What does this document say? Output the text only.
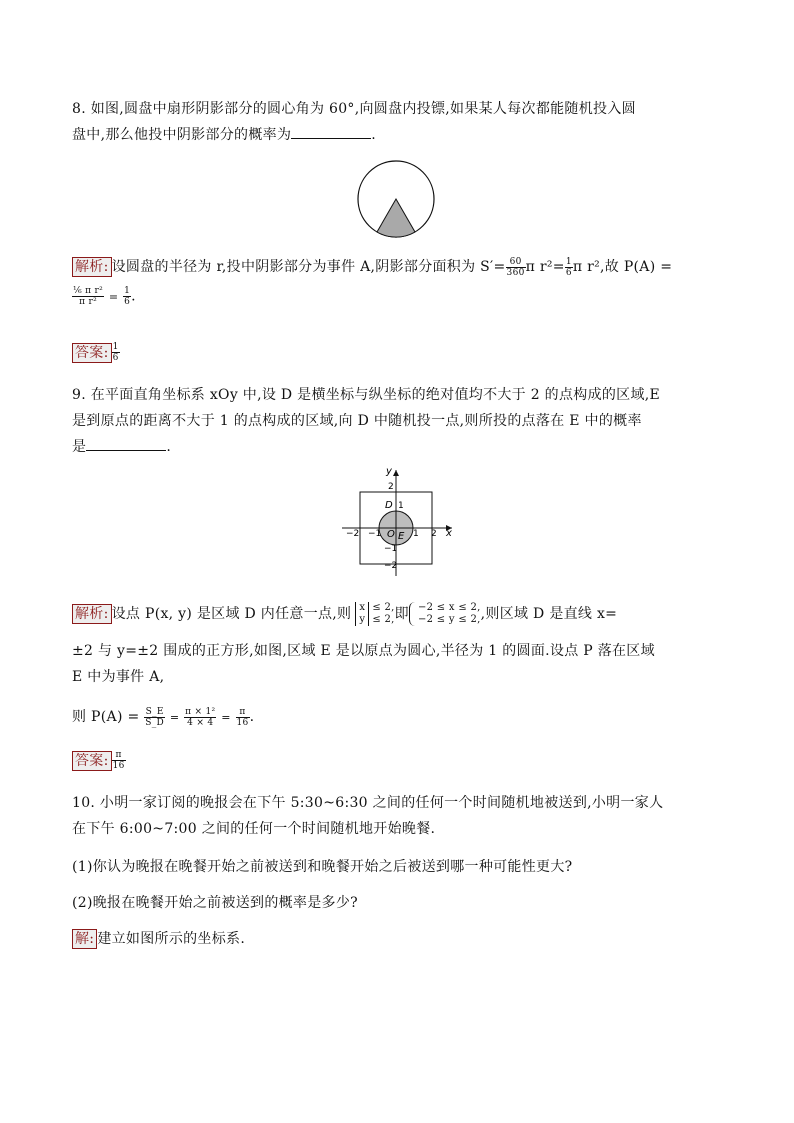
8. 如图,圆盘中扇形阴影部分的圆心角为 60°,向圆盘内投镖,如果某人每次都能随机投入圆
盘中,那么他投中阴影部分的概率为	.
解析: 设圆盘的半径为 r,投中阴影部分为事件 A,阴影部分面积为 $S'= \frac{60}{360}$ π $r^2= \frac{1}{6}$ π r²,故 P(A) =
$\frac{\text{⅙ π r²}}{\text{π r²}} = \frac{1}{6}$ .
答案: $\frac{1}{6}$
9. 在平面直角坐标系 xOy 中,设 D 是横坐标与纵坐标的绝对值均不大于 2 的点构成的区域,E
是到原点的距离不大于 1 的点构成的区域,向 D 中随机投一点,则所投的点落在 E 中的概率
是	.
y
x
2
D 1
−2 −1 O E 1 2
−1
−2
解析: 设点 P(x, y) 是区域 D 内任意一点,则 x
y
≤ 2,
≤ 2, 即 −2 ≤ x ≤ 2,
−2 ≤ y ≤ 2, ,则区域 D 是直线 x=
±2 与 y=±2 围成的正方形,如图,区域 E 是以原点为圆心,半径为 1 的圆面.设点 P 落在区域
E 中为事件 A,
则 $P(A) = \frac{S\_E}{S\_D} = \frac{\text{π × 1²}}{4 \times 4} = \frac{\pi}{16}$ .
答案: $\frac{\pi}{16}$
10. 小明一家订阅的晚报会在下午 5:30~6:30 之间的任何一个时间随机地被送到,小明一家人
在下午 6:00~7:00 之间的任何一个时间随机地开始晚餐.
(1)你认为晚报在晚餐开始之前被送到和晚餐开始之后被送到哪一种可能性更大?
(2)晚报在晚餐开始之前被送到的概率是多少?
解: 建立如图所示的坐标系.
